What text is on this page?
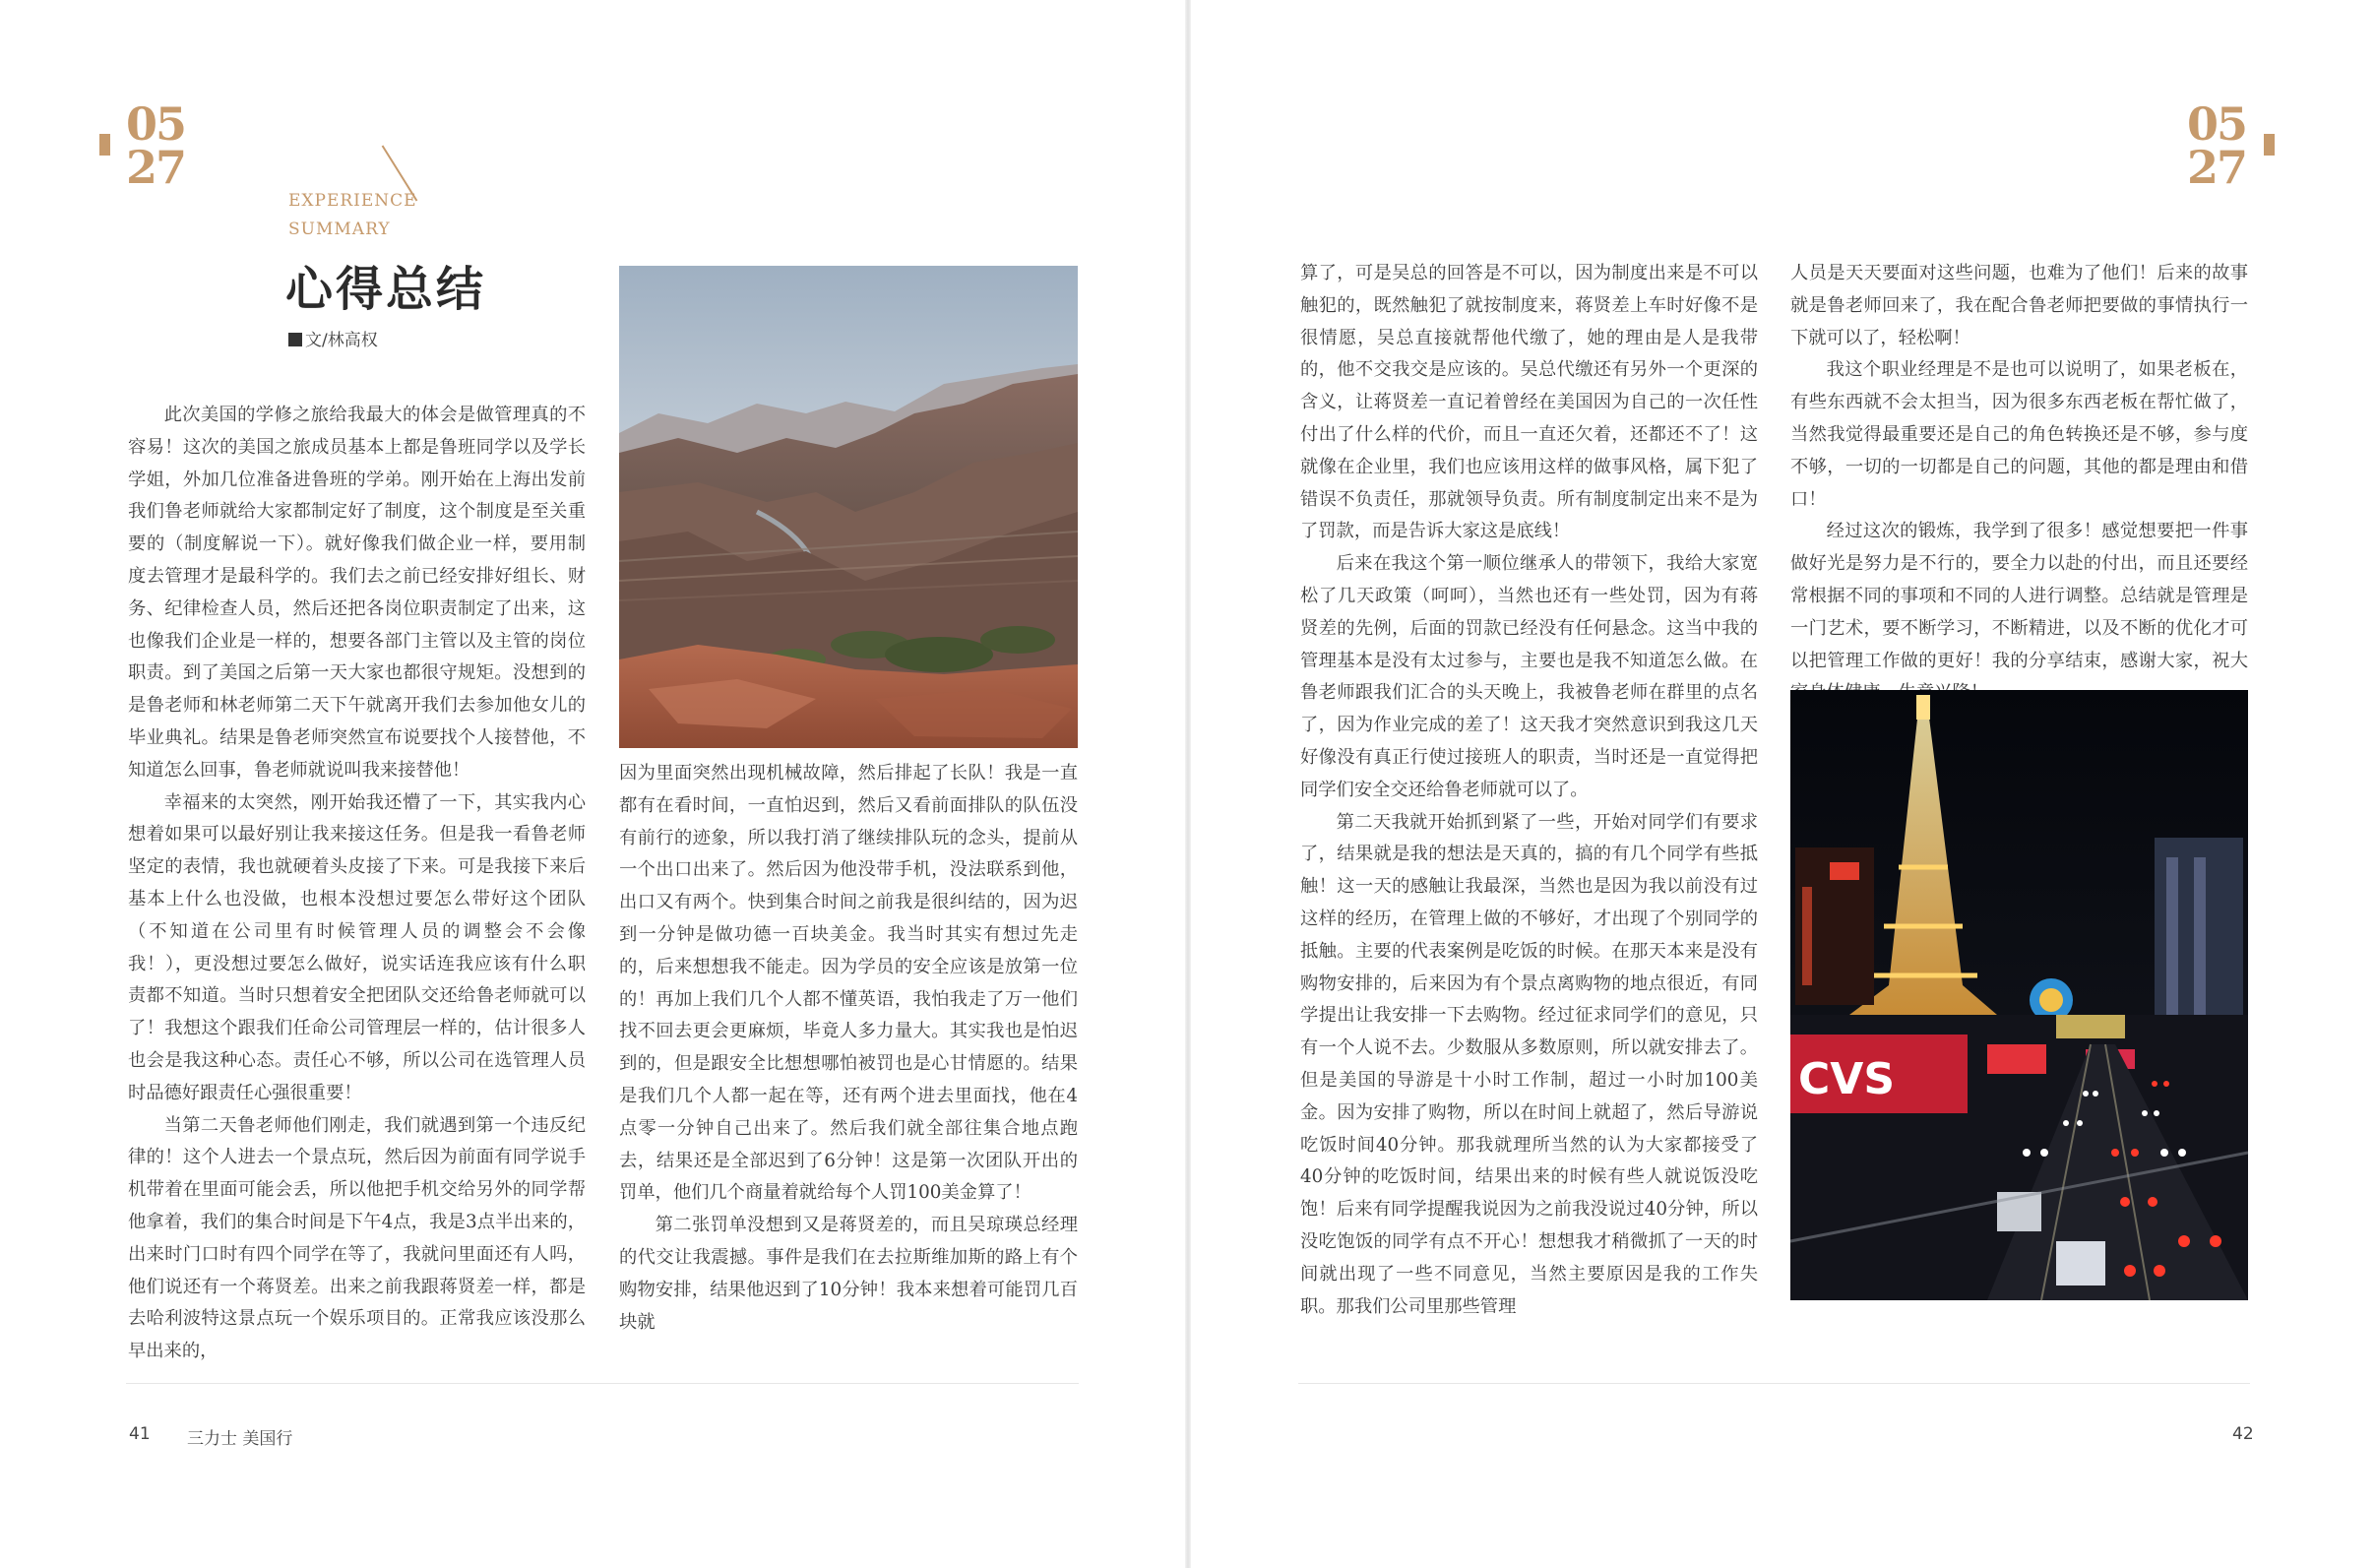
05
27
EXPERIENCE
SUMMARY
心得总结
文/林高权

此次美国的学修之旅给我最大的体会是做管理真的不容易！这次的美国之旅成员基本上都是鲁班同学以及学长学姐，外加几位准备进鲁班的学弟。刚开始在上海出发前我们鲁老师就给大家都制定好了制度，这个制度是至关重要的（制度解说一下）。就好像我们做企业一样，要用制度去管理才是最科学的。我们去之前已经安排好组长、财务、纪律检查人员，然后还把各岗位职责制定了出来，这也像我们企业是一样的，想要各部门主管以及主管的岗位职责。到了美国之后第一天大家也都很守规矩。没想到的是鲁老师和林老师第二天下午就离开我们去参加他女儿的毕业典礼。结果是鲁老师突然宣布说要找个人接替他，不知道怎么回事，鲁老师就说叫我来接替他！

幸福来的太突然，刚开始我还懵了一下，其实我内心想着如果可以最好别让我来接这任务。但是我一看鲁老师坚定的表情，我也就硬着头皮接了下来。可是我接下来后基本上什么也没做，也根本没想过要怎么带好这个团队（不知道在公司里有时候管理人员的调整会不会像我！），更没想过要怎么做好，说实话连我应该有什么职责都不知道。当时只想着安全把团队交还给鲁老师就可以了！我想这个跟我们任命公司管理层一样的，估计很多人也会是我这种心态。责任心不够，所以公司在选管理人员时品德好跟责任心强很重要！

当第二天鲁老师他们刚走，我们就遇到第一个违反纪律的！这个人进去一个景点玩，然后因为前面有同学说手机带着在里面可能会丢，所以他把手机交给另外的同学帮他拿着，我们的集合时间是下午4点，我是3点半出来的，出来时门口时有四个同学在等了，我就问里面还有人吗，他们说还有一个蒋贤差。出来之前我跟蒋贤差一样，都是去哈利波特这景点玩一个娱乐项目的。正常我应该没那么早出来的，

因为里面突然出现机械故障，然后排起了长队！我是一直都有在看时间，一直怕迟到，然后又看前面排队的队伍没有前行的迹象，所以我打消了继续排队玩的念头，提前从一个出口出来了。然后因为他没带手机，没法联系到他，出口又有两个。快到集合时间之前我是很纠结的，因为迟到一分钟是做功德一百块美金。我当时其实有想过先走的，后来想想我不能走。因为学员的安全应该是放第一位的！再加上我们几个人都不懂英语，我怕我走了万一他们找不回去更会更麻烦，毕竟人多力量大。其实我也是怕迟到的，但是跟安全比想想哪怕被罚也是心甘情愿的。结果是我们几个人都一起在等，还有两个进去里面找，他在4点零一分钟自己出来了。然后我们就全部往集合地点跑去，结果还是全部迟到了6分钟！这是第一次团队开出的罚单，他们几个商量着就给每个人罚100美金算了！

第二张罚单没想到又是蒋贤差的，而且吴琼瑛总经理的代交让我震撼。事件是我们在去拉斯维加斯的路上有个购物安排，结果他迟到了10分钟！我本来想着可能罚几百块就

41 三力士 美国行
05
27

算了，可是吴总的回答是不可以，因为制度出来是不可以触犯的，既然触犯了就按制度来，蒋贤差上车时好像不是很情愿，吴总直接就帮他代缴了，她的理由是人是我带的，他不交我交是应该的。吴总代缴还有另外一个更深的含义，让蒋贤差一直记着曾经在美国因为自己的一次任性付出了什么样的代价，而且一直还欠着，还都还不了！这就像在企业里，我们也应该用这样的做事风格，属下犯了错误不负责任，那就领导负责。所有制度制定出来不是为了罚款，而是告诉大家这是底线！

后来在我这个第一顺位继承人的带领下，我给大家宽松了几天政策（呵呵），当然也还有一些处罚，因为有蒋贤差的先例，后面的罚款已经没有任何悬念。这当中我的管理基本是没有太过参与，主要也是我不知道怎么做。在鲁老师跟我们汇合的头天晚上，我被鲁老师在群里的点名了，因为作业完成的差了！这天我才突然意识到我这几天好像没有真正行使过接班人的职责，当时还是一直觉得把同学们安全交还给鲁老师就可以了。

第二天我就开始抓到紧了一些，开始对同学们有要求了，结果就是我的想法是天真的，搞的有几个同学有些抵触！这一天的感触让我最深，当然也是因为我以前没有过这样的经历，在管理上做的不够好，才出现了个别同学的抵触。主要的代表案例是吃饭的时候。在那天本来是没有购物安排的，后来因为有个景点离购物的地点很近，有同学提出让我安排一下去购物。经过征求同学们的意见，只有一个人说不去。少数服从多数原则，所以就安排去了。但是美国的导游是十小时工作制，超过一小时加100美金。因为安排了购物，所以在时间上就超了，然后导游说吃饭时间40分钟。那我就理所当然的认为大家都接受了40分钟的吃饭时间，结果出来的时候有些人就说饭没吃饱！后来有同学提醒我说因为之前我没说过40分钟，所以没吃饱饭的同学有点不开心！想想我才稍微抓了一天的时间就出现了一些不同意见，当然主要原因是我的工作失职。那我们公司里那些管理

人员是天天要面对这些问题，也难为了他们！后来的故事就是鲁老师回来了，我在配合鲁老师把要做的事情执行一下就可以了，轻松啊！

我这个职业经理是不是也可以说明了，如果老板在，有些东西就不会太担当，因为很多东西老板在帮忙做了，当然我觉得最重要还是自己的角色转换还是不够，参与度不够，一切的一切都是自己的问题，其他的都是理由和借口！

经过这次的锻炼，我学到了很多！感觉想要把一件事做好光是努力是不行的，要全力以赴的付出，而且还要经常根据不同的事项和不同的人进行调整。总结就是管理是一门艺术，要不断学习，不断精进，以及不断的优化才可以把管理工作做的更好！我的分享结束，感谢大家，祝大

CVS
42
